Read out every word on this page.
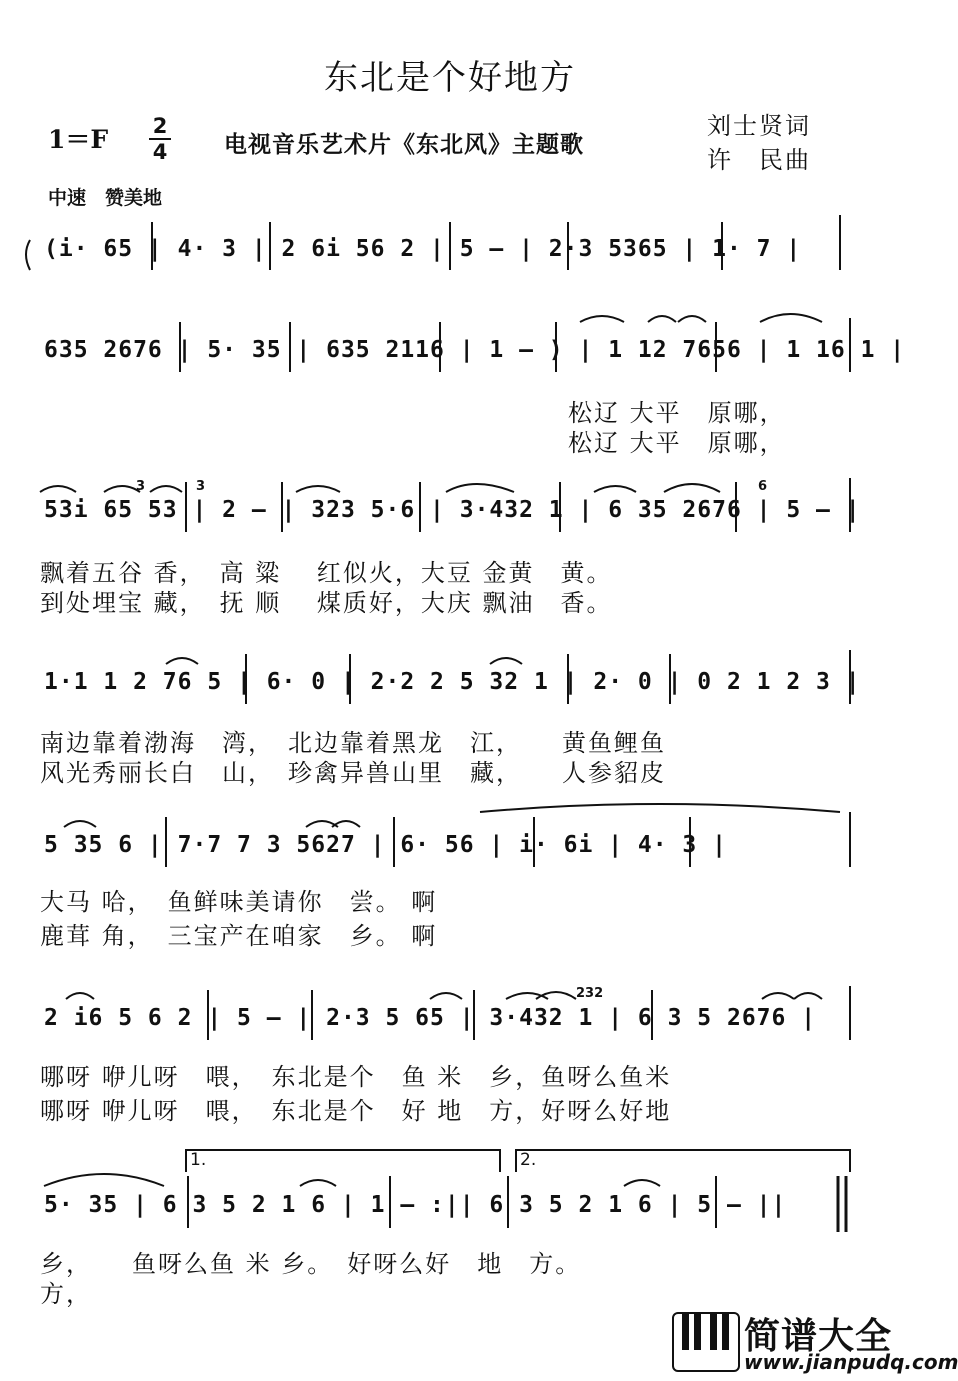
东北是个好地方
1＝F 2
4 电视音乐艺术片《东北风》主题歌
刘士贤词
许　民曲
中速　赞美地
(i· 65 | 4· 3 | 2 6i 56 2 | 5 – | 2·3 5365 | 1· 7 |
635 2676 | 5· 35 | 635 2116 | 1 – ) | 1 12 7656 | 1 16 1 |
松辽 大平　原哪，
松辽 大平　原哪，
53i 65 53 | 2 – | 323 5·6 | 3·432 1 | 6 35 2676 | 5 – |
飘着五谷 香，　高 粱 　红似火，大豆 金黄　黄。
到处埋宝 藏，　抚 顺 　煤质好，大庆 飘油　香。
1·1 1 2 76 5 | 6· 0 | 2·2 2 5 32 1 | 2· 0 | 0 2 1 2 3 |
南边靠着渤海　湾，　北边靠着黑龙　江，　　黄鱼鲤鱼
风光秀丽长白　山，　珍禽异兽山里　藏，　　人参貂皮
5 35 6 | 7·7 7 3 5627 | 6· 56 | i· 6i | 4· 3 |
大马 哈，　鱼鲜味美请你　尝。 啊
鹿茸 角，　三宝产在咱家　乡。 啊
2 i6 5 6 2 | 5 – | 2·3 5 65 | 3·432 1 | 6 3 5 2676 |
哪呀 咿儿呀　喂，　东北是个　鱼 米　乡，鱼呀么鱼米
哪呀 咿儿呀　喂，　东北是个　好 地　方，好呀么好地
5· 35 | 6 3 5 2 1 6 | 1 – :|| 6 3 5 2 1 6 | 5 – ||
乡，　　鱼呀么鱼 米 乡。　好呀么好　地　方。
方，
1.	2.
3	3	6
232
简谱大全
www.jianpudq.com
